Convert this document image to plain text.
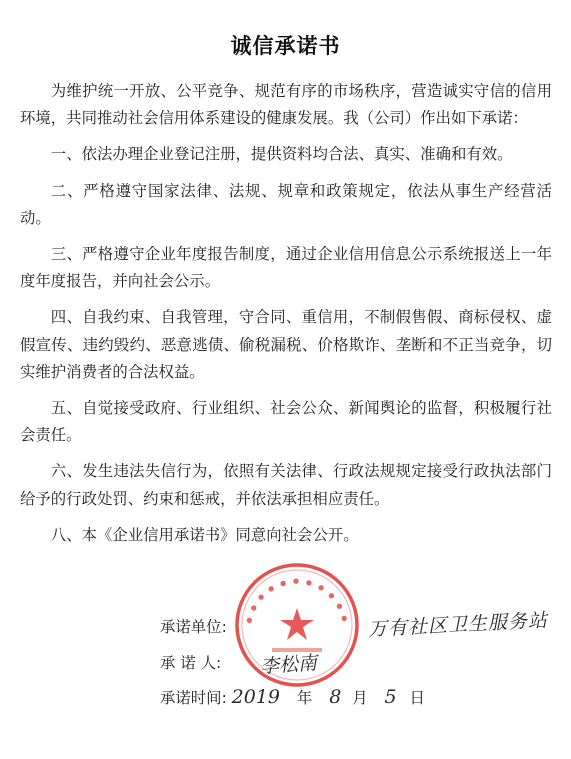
诚信承诺书

为维护统一开放、公平竞争、规范有序的市场秩序，营造诚实守信的信用环境，共同推动社会信用体系建设的健康发展。我（公司）作出如下承诺：

一、依法办理企业登记注册，提供资料均合法、真实、准确和有效。

二、严格遵守国家法律、法规、规章和政策规定，依法从事生产经营活动。

三、严格遵守企业年度报告制度，通过企业信用信息公示系统报送上一年度年度报告，并向社会公示。

四、自我约束、自我管理，守合同、重信用，不制假售假、商标侵权、虚假宣传、违约毁约、恶意逃债、偷税漏税、价格欺诈、垄断和不正当竞争，切实维护消费者的合法权益。

五、自觉接受政府、行业组织、社会公众、新闻舆论的监督，积极履行社会责任。

六、发生违法失信行为，依照有关法律、行政法规规定接受行政执法部门给予的行政处罚、约束和惩戒，并依法承担相应责任。

八、本《企业信用承诺书》同意向社会公开。

•••••••••••
承诺单位:	万有社区卫生服务站
承 诺 人: 李松南
承诺时间: 2019 年 8 月 5 日
